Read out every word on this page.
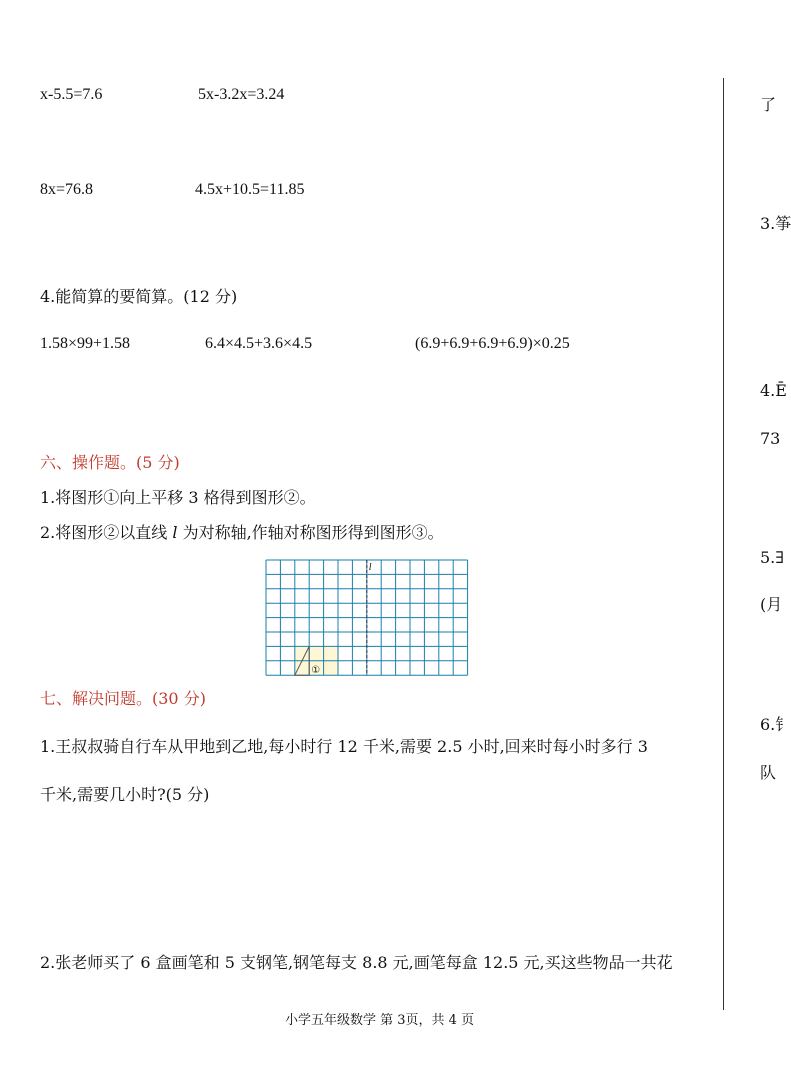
x-5.5=7.6	5x-3.2x=3.24
8x=76.8	4.5x+10.5=11.85
4.能简算的要简算。(12 分)
1.58×99+1.58	6.4×4.5+3.6×4.5	(6.9+6.9+6.9+6.9)×0.25
六、操作题。(5 分)
1.将图形①向上平移 3 格得到图形②。
2.将图形②以直线 l 为对称轴,作轴对称图形得到图形③。
l
①
七、解决问题。(30 分)
1.王叔叔骑自行车从甲地到乙地,每小时行 12 千米,需要 2.5 小时,回来时每小时多行 3
千米,需要几小时?(5 分)
2.张老师买了 6 盒画笔和 5 支钢笔,钢笔每支 8.8 元,画笔每盒 12.5 元,买这些物品一共花
了
3.筝
4.Ē
73
5.∃
(月
6.钅
队
小学五年级数学 第 3页，共 4 页
